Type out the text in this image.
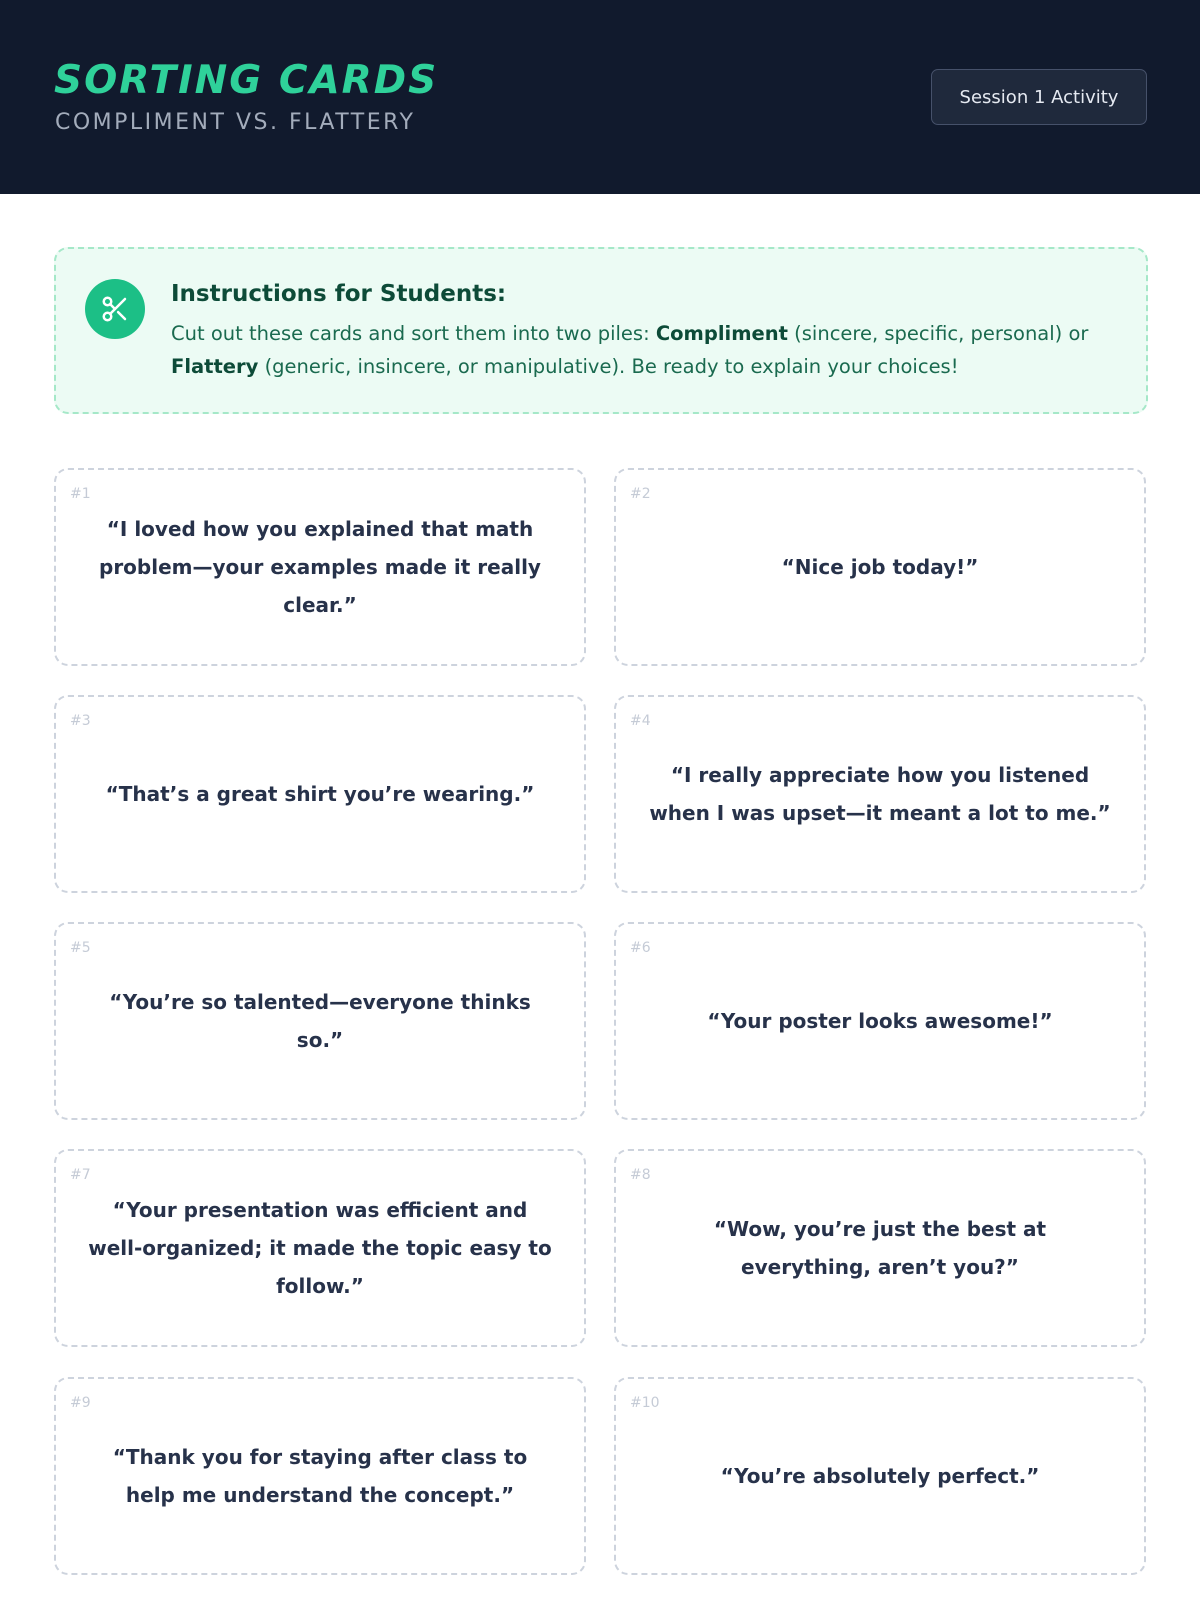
SORTING CARDS
COMPLIMENT VS. FLATTERY
Session 1 Activity
Instructions for Students:
Cut out these cards and sort them into two piles: Compliment (sincere, specific, personal) or Flattery (generic, insincere, or manipulative). Be ready to explain your choices!
#1
“I loved how you explained that math problem—your examples made it really clear.”
#2
“Nice job today!”
#3
“That’s a great shirt you’re wearing.”
#4
“I really appreciate how you listened when I was upset—it meant a lot to me.”
#5
“You’re so talented—everyone thinks so.”
#6
“Your poster looks awesome!”
#7
“Your presentation was efficient and well-organized; it made the topic easy to follow.”
#8
“Wow, you’re just the best at everything, aren’t you?”
#9
“Thank you for staying after class to help me understand the concept.”
#10
“You’re absolutely perfect.”
